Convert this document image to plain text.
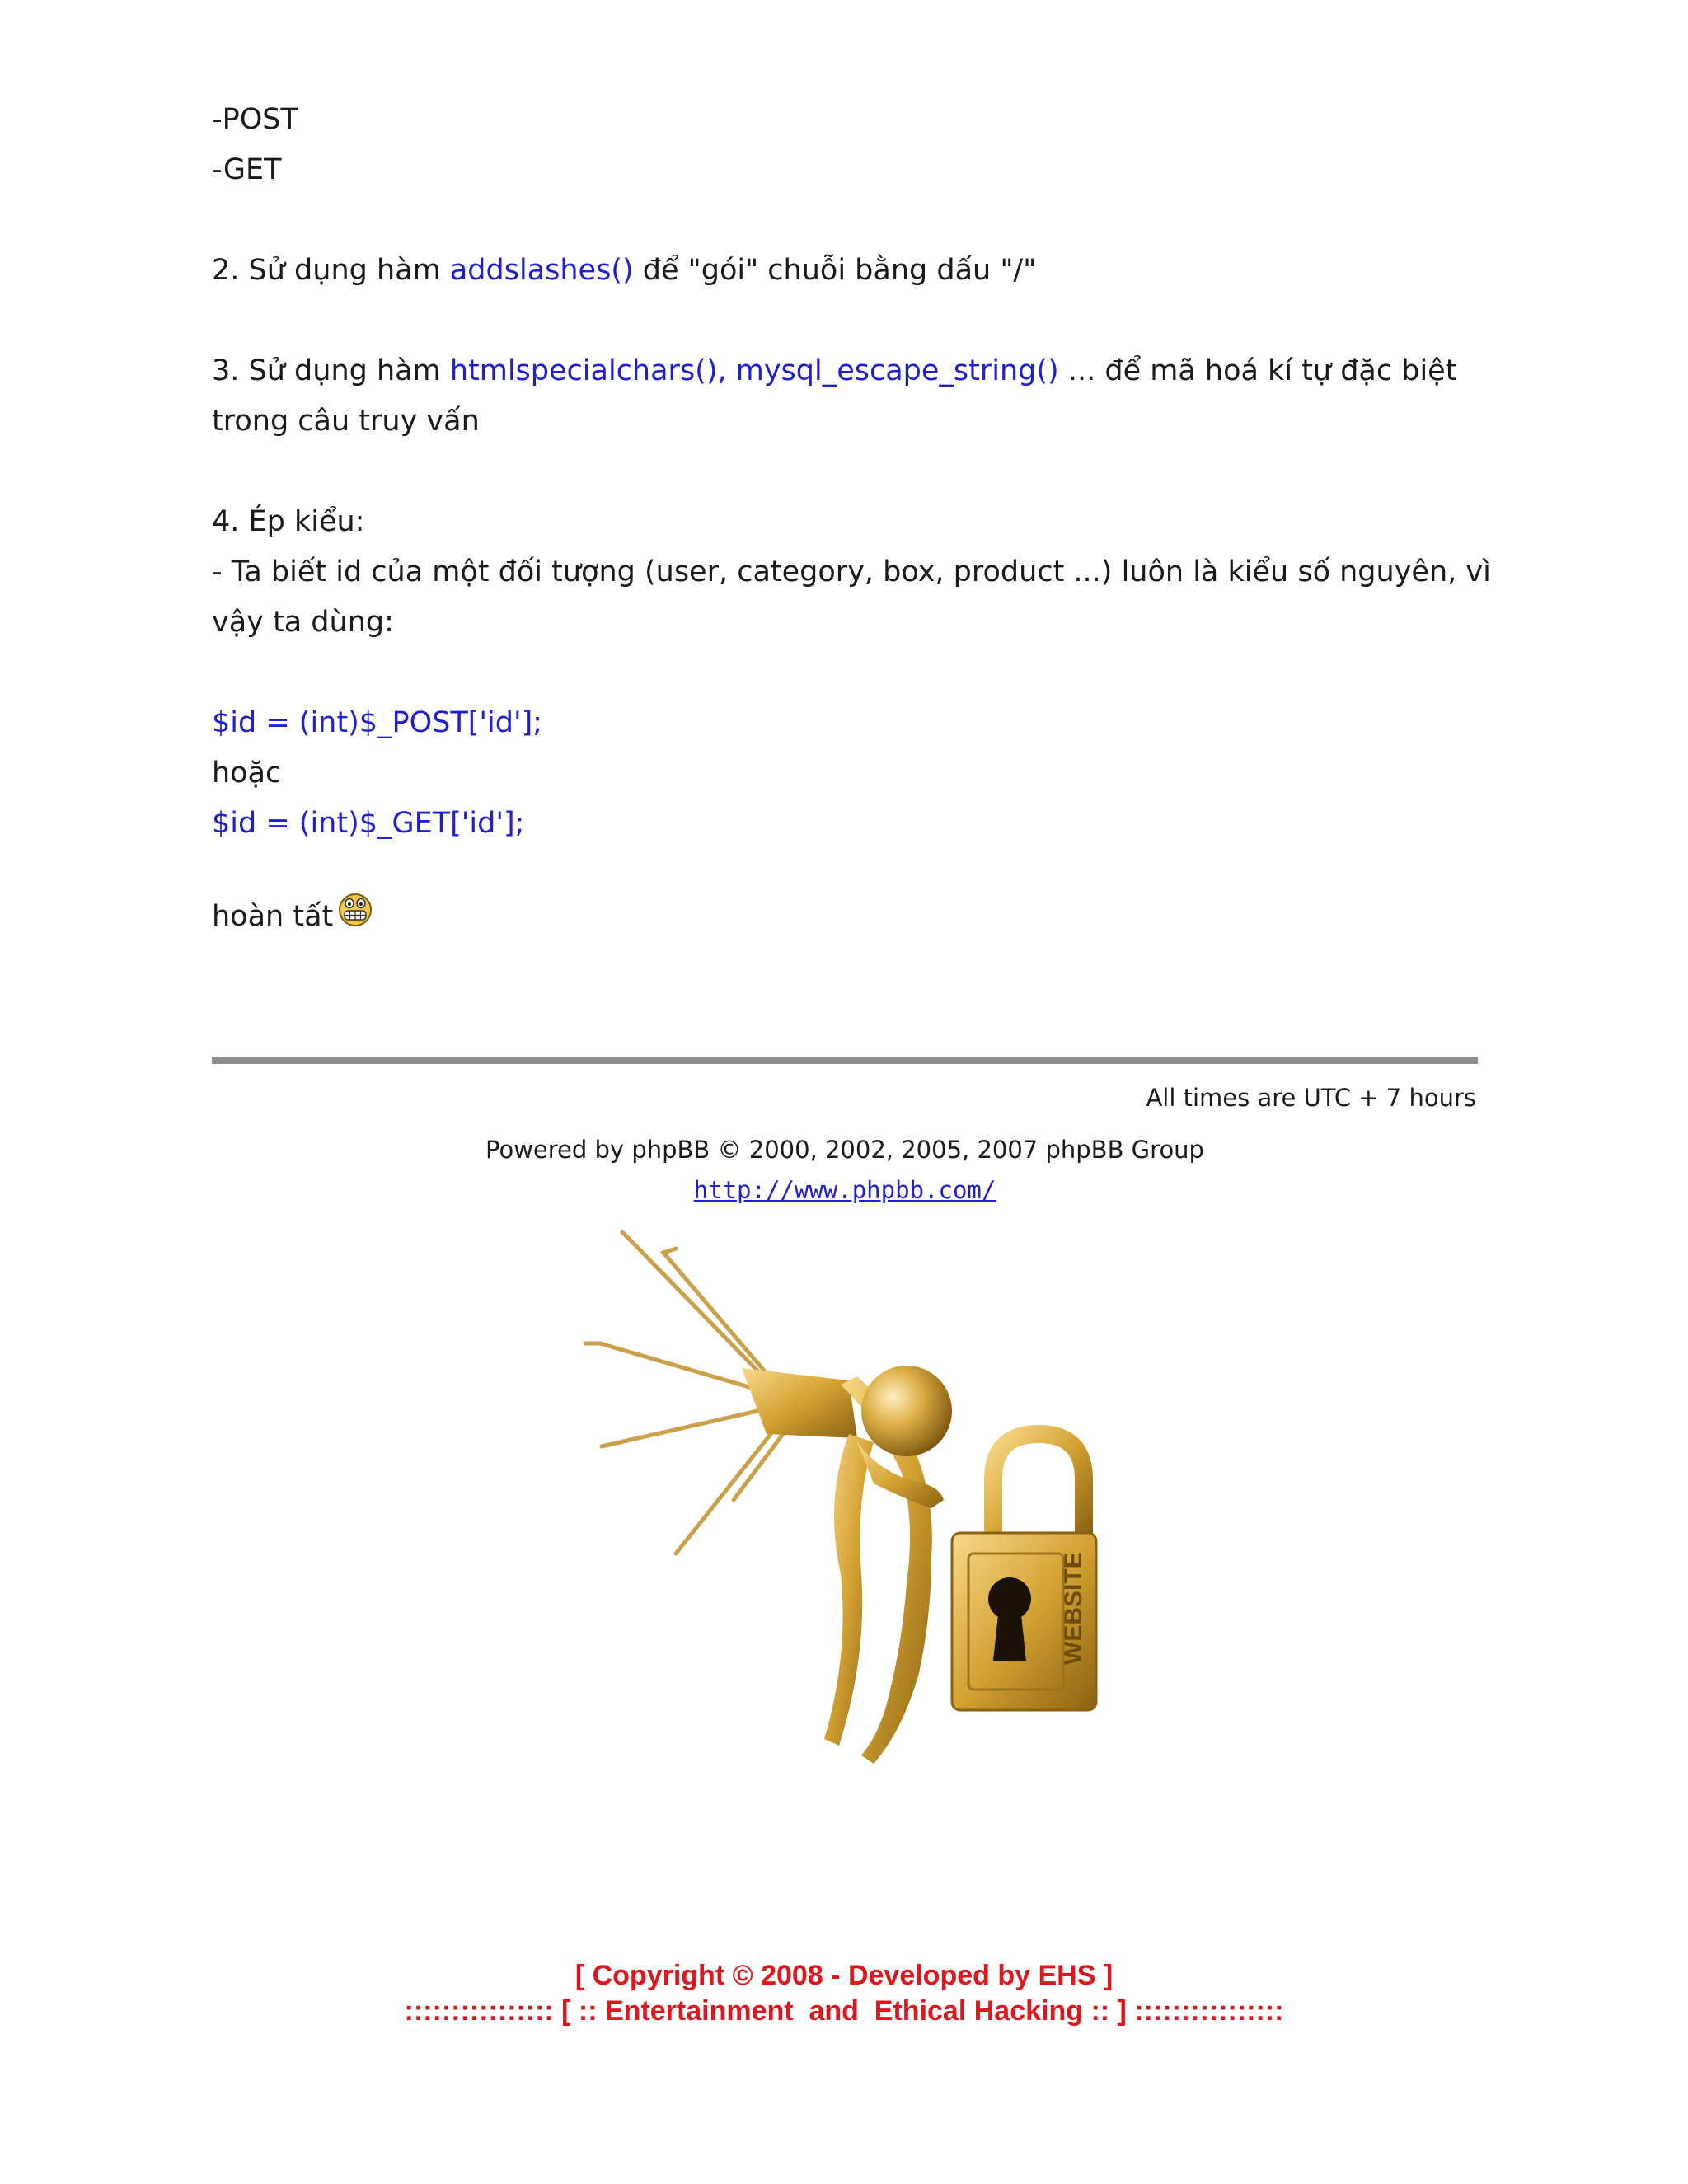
-POST
-GET
2. Sử dụng hàm addslashes() để "gói" chuỗi bằng dấu "/"
3. Sử dụng hàm htmlspecialchars(), mysql_escape_string() ... để mã hoá kí tự đặc biệt
trong câu truy vấn
4. Ép kiểu:
- Ta biết id của một đối tượng (user, category, box, product ...) luôn là kiểu số nguyên, vì
vậy ta dùng:
$id = (int)$_POST['id'];
hoặc
$id = (int)$_GET['id'];
hoàn tất
All times are UTC + 7 hours
Powered by phpBB © 2000, 2002, 2005, 2007 phpBB Group
http://www.phpbb.com/
WEBSITE
[ Copyright © 2008 - Developed by EHS ]
:::::::::::::::: [ :: Entertainment  and  Ethical Hacking :: ] ::::::::::::::::
